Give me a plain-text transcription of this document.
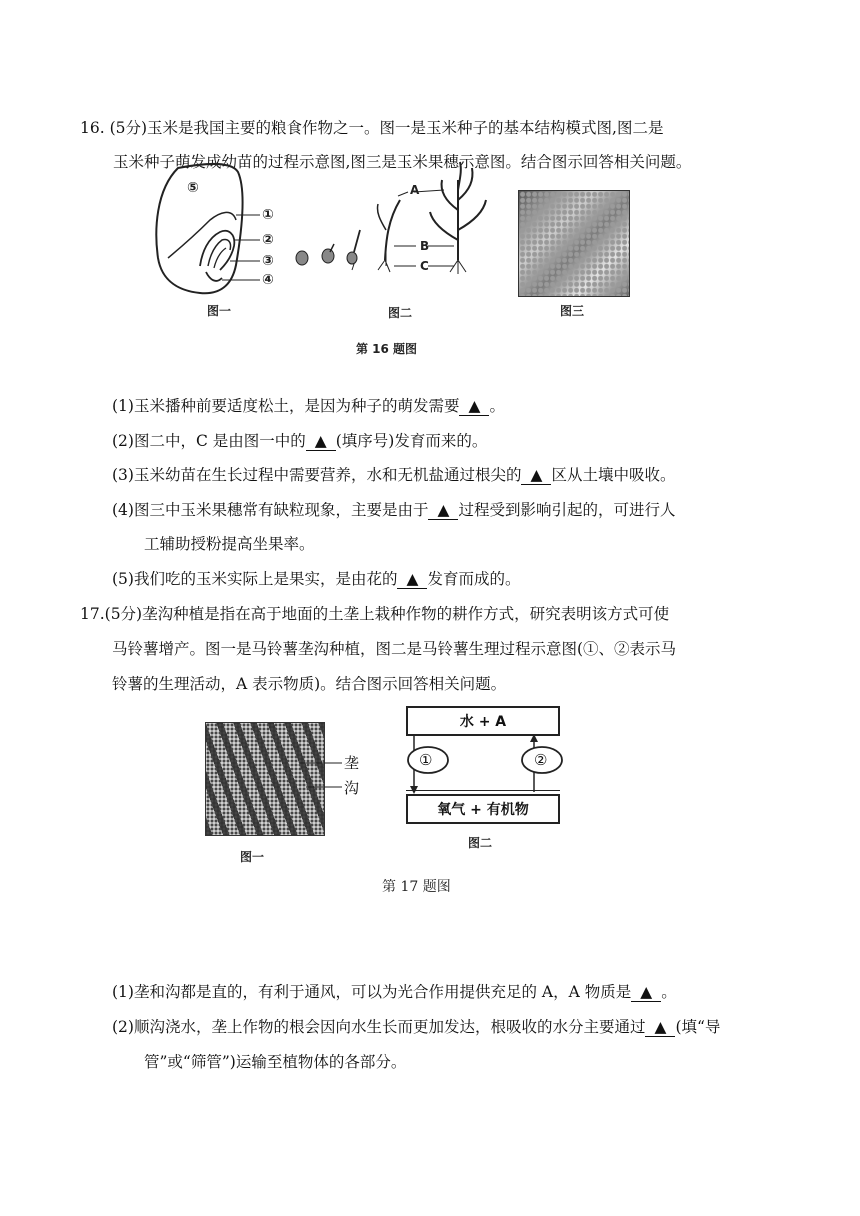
16. (5分)玉米是我国主要的粮食作物之一。图一是玉米种子的基本结构模式图,图二是
玉米种子萌发成幼苗的过程示意图,图三是玉米果穗示意图。结合图示回答相关问题。
⑤
①
②
③
④
图一
A
B
C
图二	图三
第 16 题图
(1)玉米播种前要适度松土，是因为种子的萌发需要 ▲ 。
(2)图二中，C 是由图一中的 ▲ (填序号)发育而来的。
(3)玉米幼苗在生长过程中需要营养，水和无机盐通过根尖的 ▲ 区从土壤中吸收。
(4)图三中玉米果穗常有缺粒现象，主要是由于 ▲ 过程受到影响引起的，可进行人
工辅助授粉提高坐果率。
(5)我们吃的玉米实际上是果实，是由花的 ▲ 发育而成的。
17.(5分)垄沟种植是指在高于地面的土垄上栽种作物的耕作方式，研究表明该方式可使
马铃薯增产。图一是马铃薯垄沟种植，图二是马铃薯生理过程示意图(①、②表示马
铃薯的生理活动，A 表示物质)。结合图示回答相关问题。
垄
沟
图一
水 + A
氧气 + 有机物
①	②
图二
第 17 题图
(1)垄和沟都是直的，有利于通风，可以为光合作用提供充足的 A，A 物质是 ▲ 。
(2)顺沟浇水，垄上作物的根会因向水生长而更加发达，根吸收的水分主要通过 ▲ (填“导
管”或“筛管”)运输至植物体的各部分。
